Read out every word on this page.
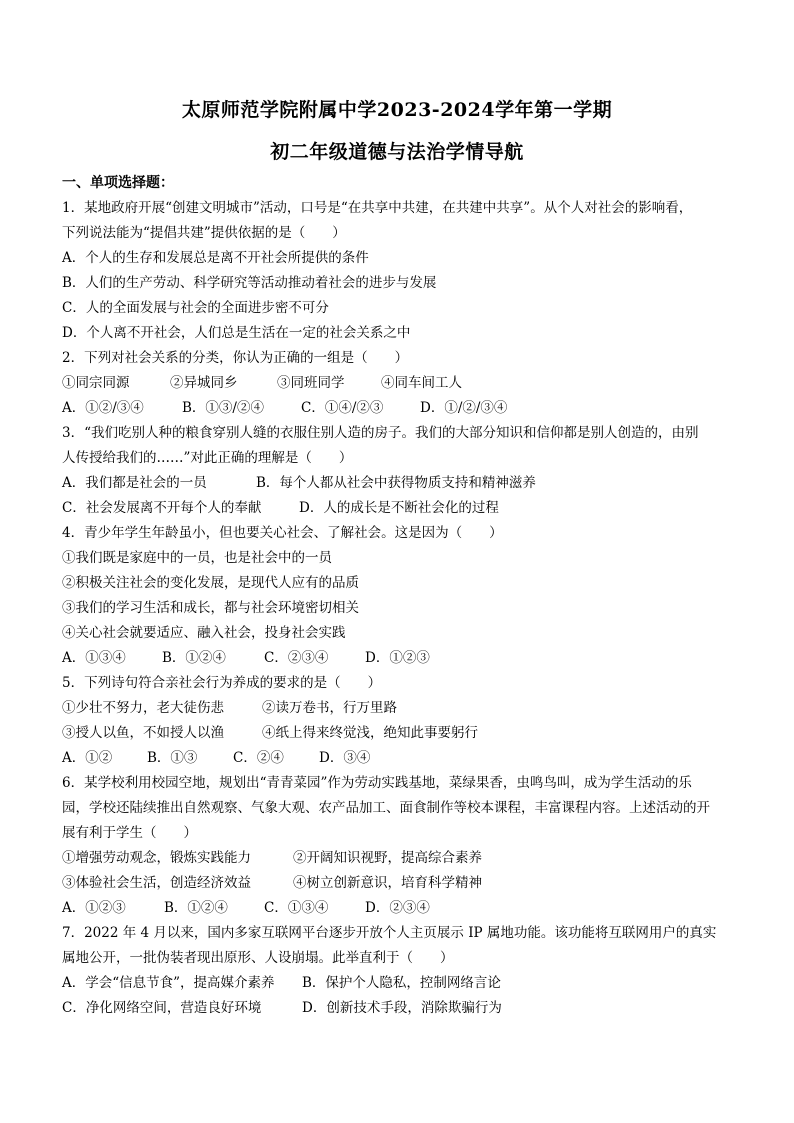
太原师范学院附属中学2023-2024学年第一学期
初二年级道德与法治学情导航
一、单项选择题：
1．某地政府开展“创建文明城市”活动，口号是“在共享中共建，在共建中共享”。从个人对社会的影响看，
下列说法能为“提倡共建”提供依据的是（　　）
A．个人的生存和发展总是离不开社会所提供的条件
B．人们的生产劳动、科学研究等活动推动着社会的进步与发展
C．人的全面发展与社会的全面进步密不可分
D．个人离不开社会，人们总是生活在一定的社会关系之中
2．下列对社会关系的分类，你认为正确的一组是（　　）
①同宗同源	②异城同乡	③同班同学	④同车间工人
A．①②/③④	B．①③/②④	C．①④/②③	D．①/②/③④
3．“我们吃别人种的粮食穿别人缝的衣服住别人造的房子。我们的大部分知识和信仰都是别人创造的，由别
人传授给我们的……”对此正确的理解是（　　）
A．我们都是社会的一员	B．每个人都从社会中获得物质支持和精神滋养
C．社会发展离不开每个人的奉献	D．人的成长是不断社会化的过程
4．青少年学生年龄虽小，但也要关心社会、了解社会。这是因为（　　）
①我们既是家庭中的一员，也是社会中的一员
②积极关注社会的变化发展，是现代人应有的品质
③我们的学习生活和成长，都与社会环境密切相关
④关心社会就要适应、融入社会，投身社会实践
A．①③④	B．①②④	C．②③④	D．①②③
5．下列诗句符合亲社会行为养成的要求的是（　　）
①少壮不努力，老大徒伤悲	②读万卷书，行万里路
③授人以鱼，不如授人以渔	④纸上得来终觉浅，绝知此事要躬行
A．①②	B．①③	C．②④	D．③④
6．某学校利用校园空地，规划出“青青菜园”作为劳动实践基地，菜绿果香，虫鸣鸟叫，成为学生活动的乐
园，学校还陆续推出自然观察、气象大观、农产品加工、面食制作等校本课程，丰富课程内容。上述活动的开
展有利于学生（　　）
①增强劳动观念，锻炼实践能力	②开阔知识视野，提高综合素养
③体验社会生活，创造经济效益	④树立创新意识，培育科学精神
A．①②③	B．①②④	C．①③④	D．②③④
7．2022 年 4 月以来，国内多家互联网平台逐步开放个人主页展示 IP 属地功能。该功能将互联网用户的真实
属地公开，一批伪装者现出原形、人设崩塌。此举直利于（　　）
A．学会“信息节食”，提高媒介素养 B．保护个人隐私，控制网络言论
C．净化网络空间，营造良好环境	D．创新技术手段，消除欺骗行为
